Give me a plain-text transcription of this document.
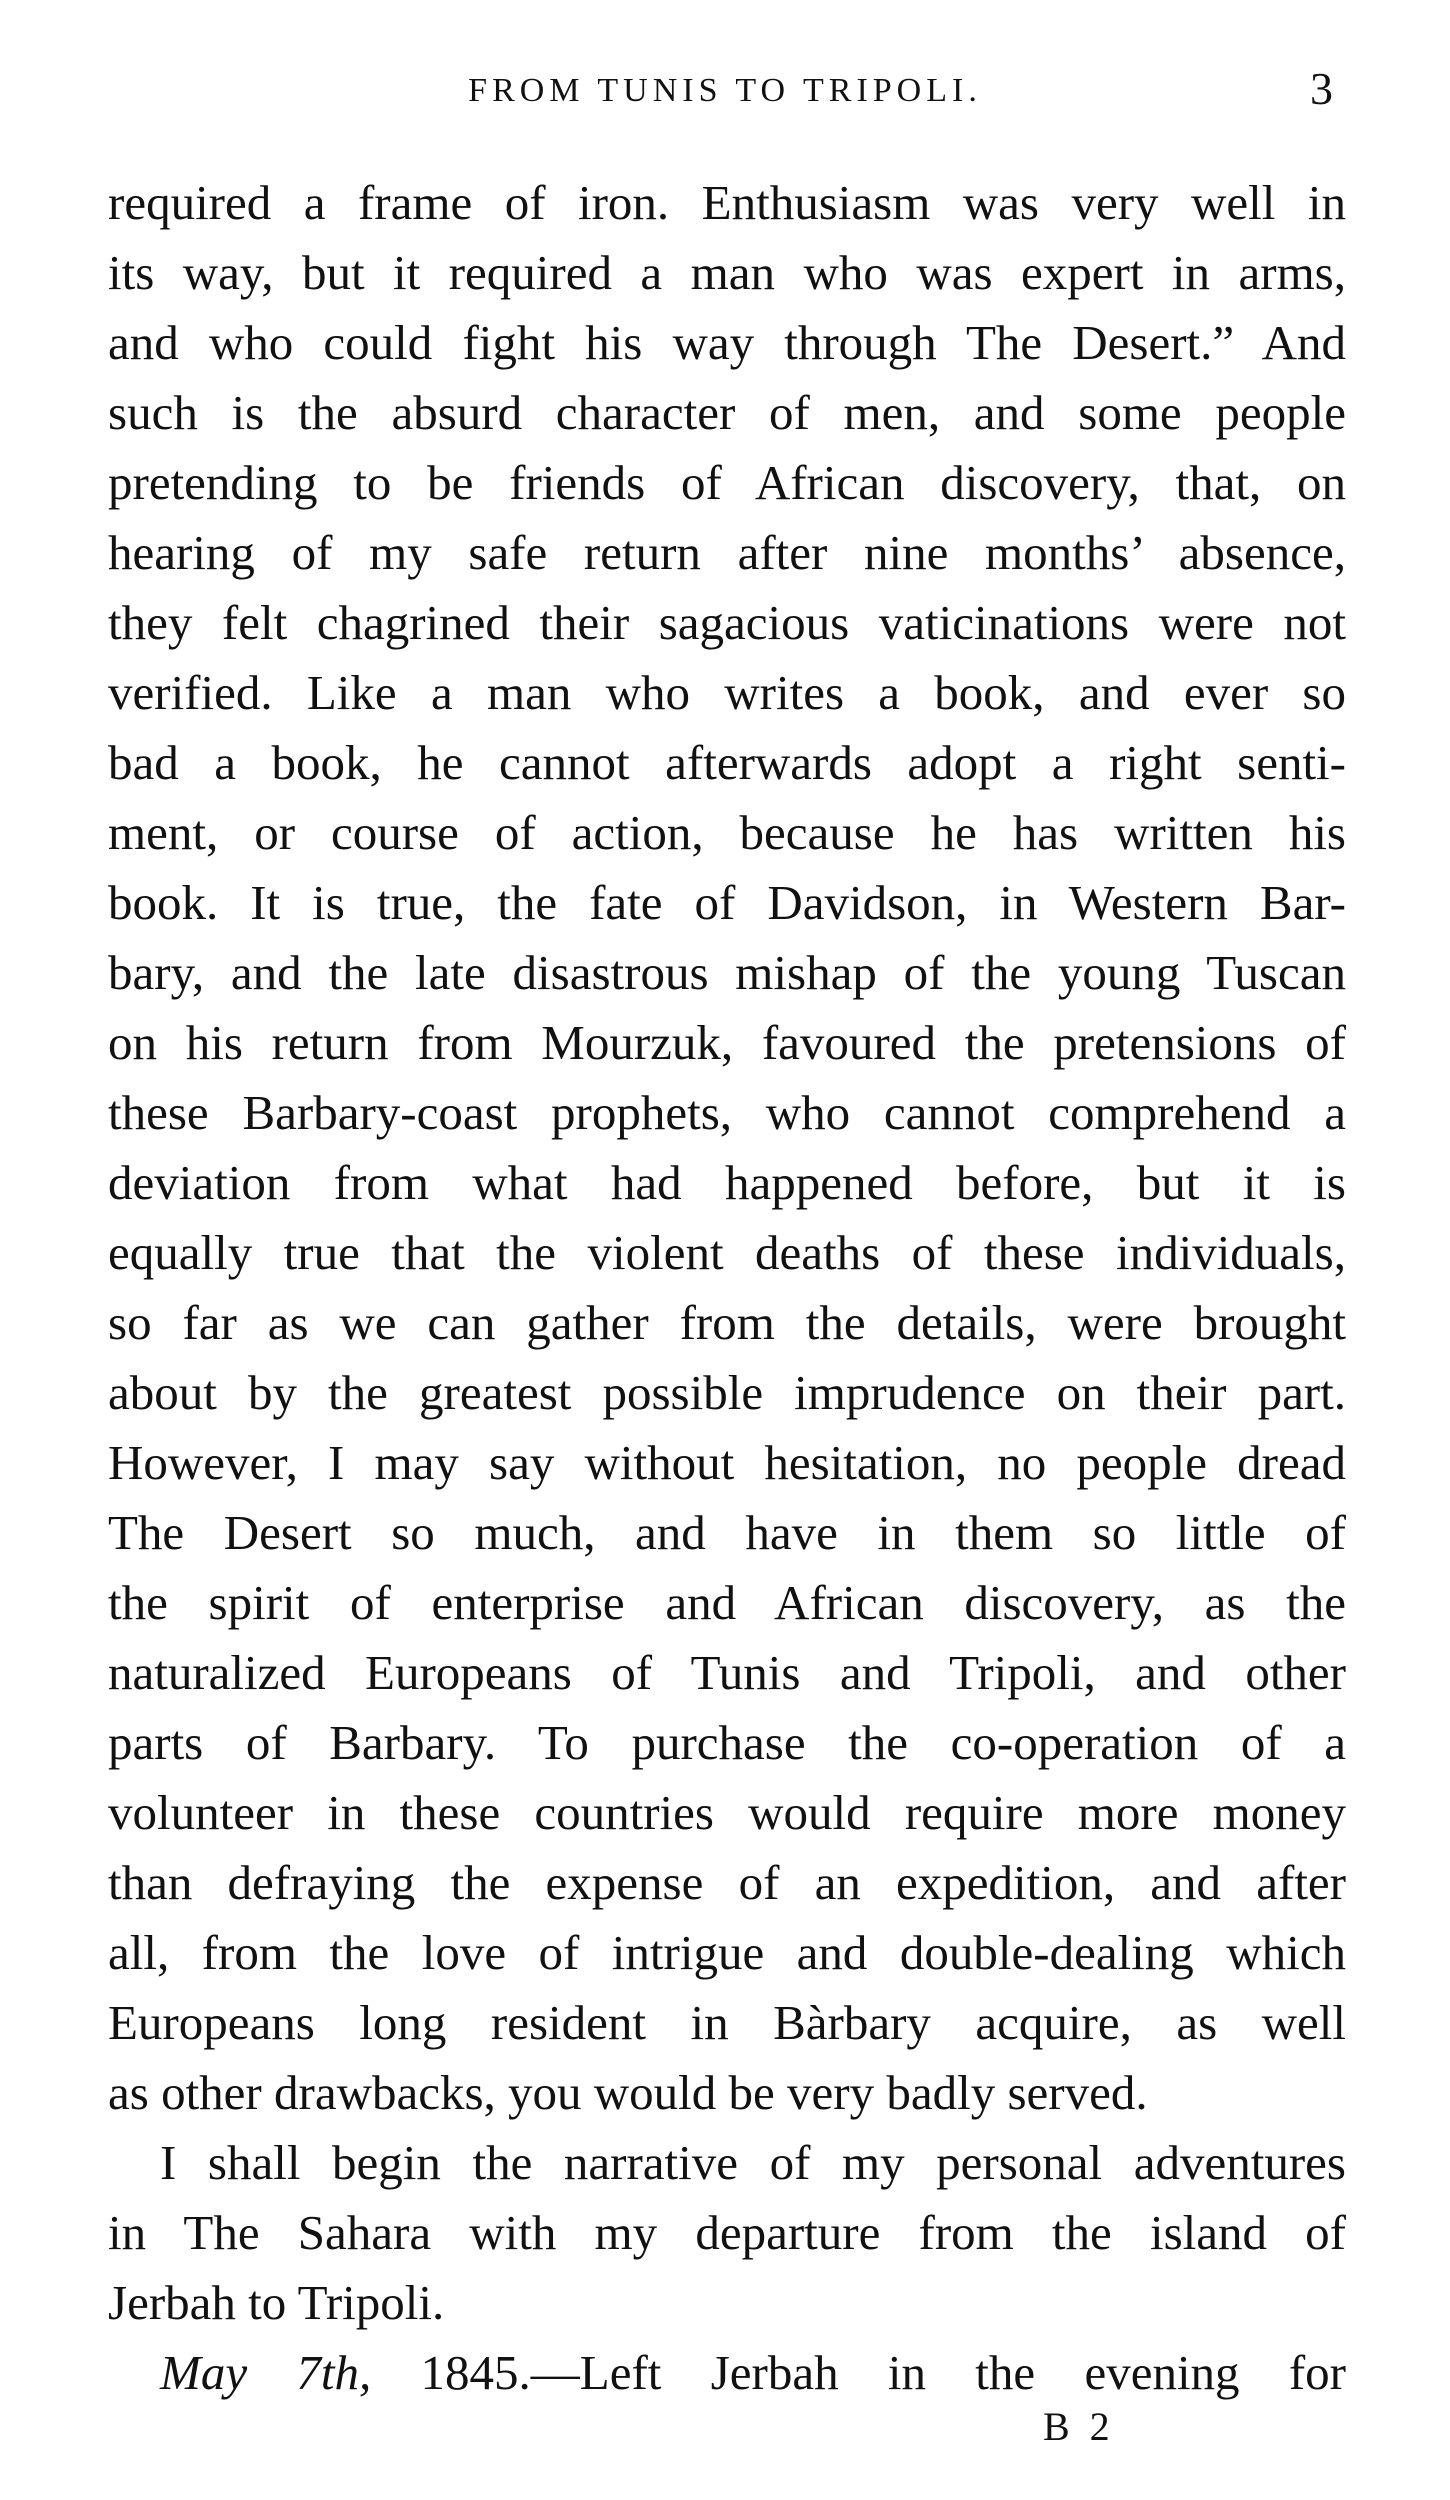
FROM TUNIS TO TRIPOLI.	3
required a frame of iron. Enthusiasm was very well in
its way, but it required a man who was expert in arms,
and who could fight his way through The Desert.” And
such is the absurd character of men, and some people
pretending to be friends of African discovery, that, on
hearing of my safe return after nine months’ absence,
they felt chagrined their sagacious vaticinations were not
verified. Like a man who writes a book, and ever so
bad a book, he cannot afterwards adopt a right senti-
ment, or course of action, because he has written his
book. It is true, the fate of Davidson, in Western Bar-
bary, and the late disastrous mishap of the young Tuscan
on his return from Mourzuk, favoured the pretensions of
these Barbary-coast prophets, who cannot comprehend a
deviation from what had happened before, but it is
equally true that the violent deaths of these individuals,
so far as we can gather from the details, were brought
about by the greatest possible imprudence on their part.
However, I may say without hesitation, no people dread
The Desert so much, and have in them so little of
the spirit of enterprise and African discovery, as the
naturalized Europeans of Tunis and Tripoli, and other
parts of Barbary. To purchase the co-operation of a
volunteer in these countries would require more money
than defraying the expense of an expedition, and after
all, from the love of intrigue and double-dealing which
Europeans long resident in Bàrbary acquire, as well
as other drawbacks, you would be very badly served.
I shall begin the narrative of my personal adventures
in The Sahara with my departure from the island of
Jerbah to Tripoli.
May 7th, 1845.—Left Jerbah in the evening for
B 2
